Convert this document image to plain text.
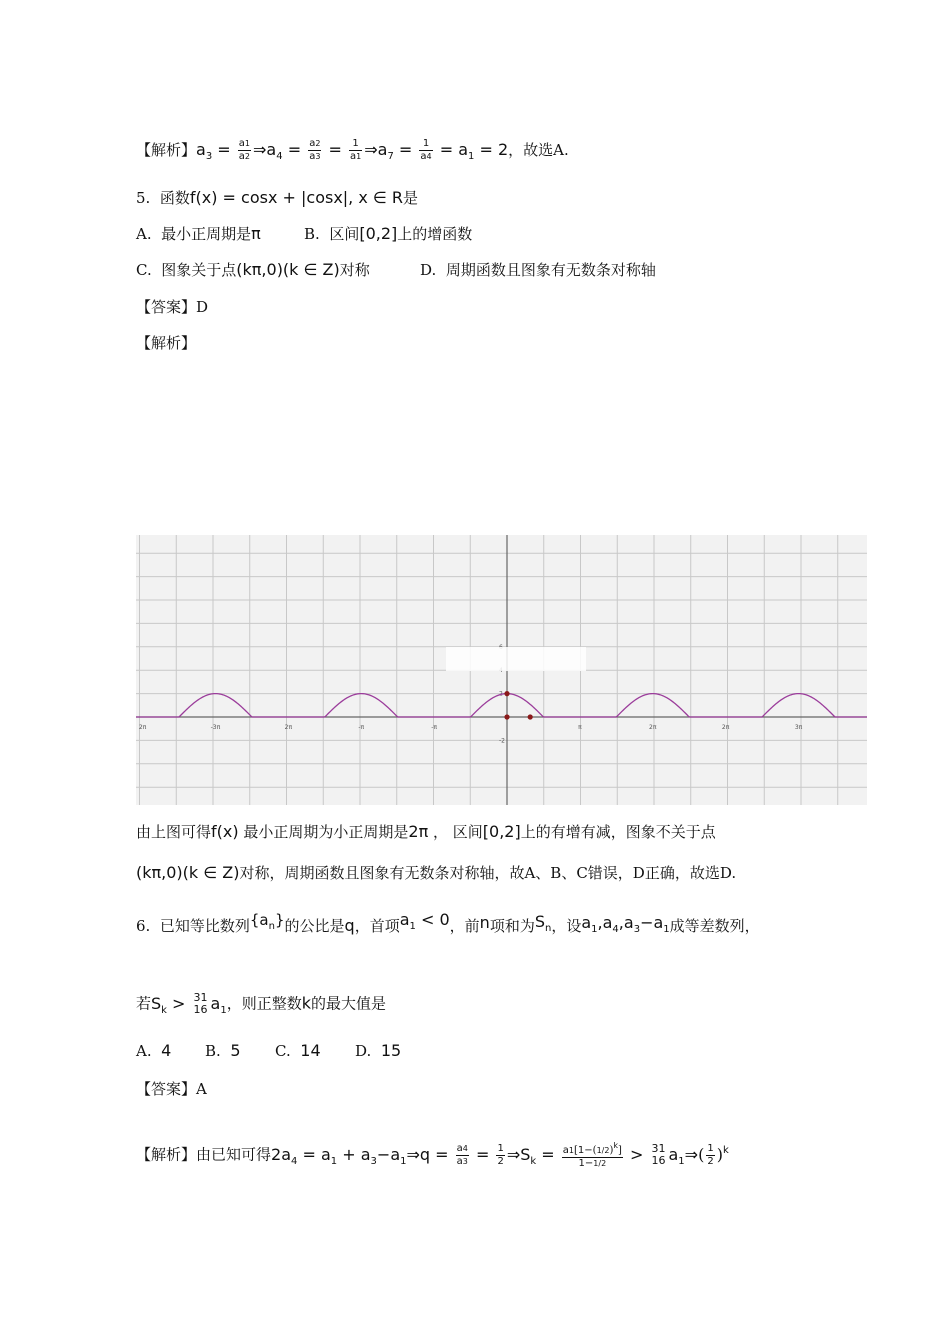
【解析】$a_3 = \frac{a1}{a2}$ $\Rightarrow a_4 = \frac{a2}{a3} = \frac{1}{a1}$ $\Rightarrow a_7 = \frac{1}{a4} = a_1 = 2$，故选A.
5. 函数f(x) = cosx + |cosx|, x ∈ R是
A. 最小正周期是π	B. 区间[0,2]上的增函数
C. 图象关于点(kπ,0)(k ∈ Z)对称	D. 周期函数且图象有无数条对称轴
【答案】D
【解析】
2π	-3π	2π	-π	-π	π	2π	2π	3π
2
-2
由上图可得f(x) 最小正周期为小正周期是2π ， 区间[0,2]上的有增有减，图象不关于点
(kπ,0)(k ∈ Z)对称，周期函数且图象有无数条对称轴，故A、B、C错误，D正确，故选D.
6. 已知等比数列$\{a_n\}$的公比是q，首项$a_1 < 0$，前n项和为$S_n$，设$a_1,a_4,a_3-a_1$成等差数列，
若$S_k > 31$
16 $a_1$，则正整数k的最大值是
A. 4 B. 5 C. 14 D. 15
【答案】A
【解析】由已知可得$2a_4 = a_1$ + $a_3-a_1\Rightarrow q = \frac{a4}{a3} = \frac{1}{2}$ $\Rightarrow S_k = \frac{a1[1-(1/2)^k]}{1-1/2} > 31$
16 $a_1\Rightarrow( \frac{1}{2} )^k$
